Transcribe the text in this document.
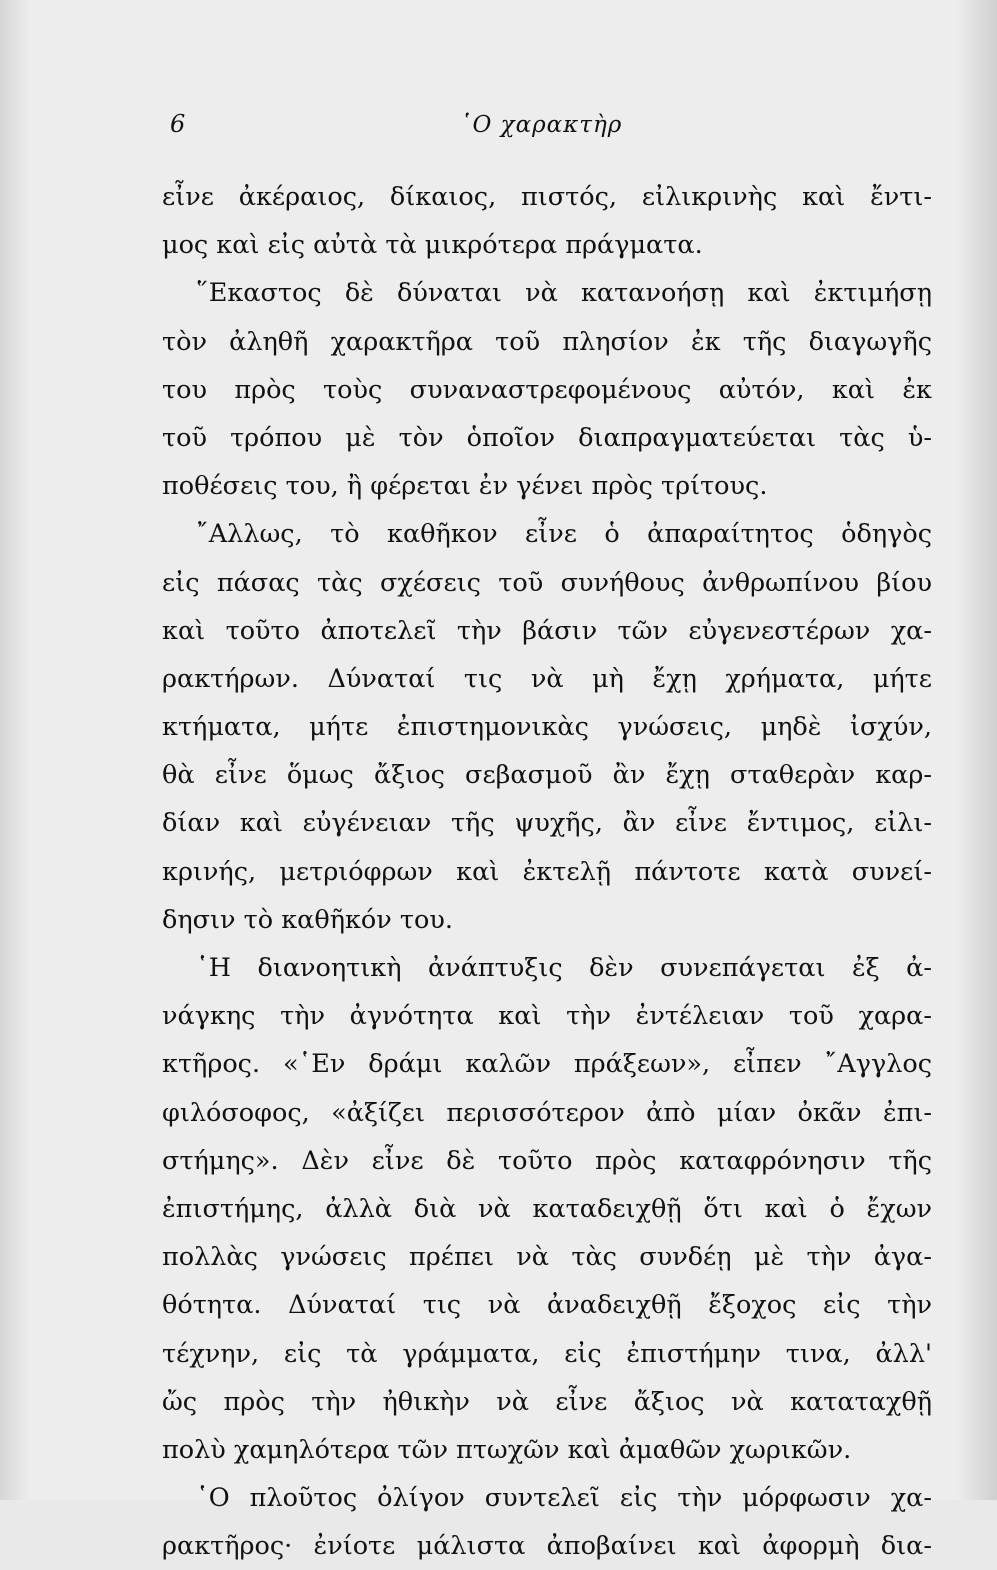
6	῾Ο χαρακτὴρ
εἶνε ἀκέραιος, δίκαιος, πιστός, εἰλικρινὴς καὶ ἔντι-
μος καὶ εἰς αὐτὰ τὰ μικρότερα πράγματα.
῞Εκαστος δὲ δύναται νὰ κατανοήσῃ καὶ ἐκτιμήσῃ
τὸν ἀληθῆ χαρακτῆρα τοῦ πλησίον ἐκ τῆς διαγωγῆς
του πρὸς τοὺς συναναστρεφομένους αὐτόν, καὶ ἐκ
τοῦ τρόπου μὲ τὸν ὁποῖον διαπραγματεύεται τὰς ὑ-
ποθέσεις του, ἢ φέρεται ἐν γένει πρὸς τρίτους.
῎Αλλως, τὸ καθῆκον εἶνε ὁ ἀπαραίτητος ὁδηγὸς
εἰς πάσας τὰς σχέσεις τοῦ συνήθους ἀνθρωπίνου βίου
καὶ τοῦτο ἀποτελεῖ τὴν βάσιν τῶν εὐγενεστέρων χα-
ρακτήρων. Δύναταί τις νὰ μὴ ἔχῃ χρήματα, μήτε
κτήματα, μήτε ἐπιστημονικὰς γνώσεις, μηδὲ ἰσχύν,
θὰ εἶνε ὅμως ἄξιος σεβασμοῦ ἂν ἔχῃ σταθερὰν καρ-
δίαν καὶ εὐγένειαν τῆς ψυχῆς, ἂν εἶνε ἔντιμος, εἰλι-
κρινής, μετριόφρων καὶ ἐκτελῇ πάντοτε κατὰ συνεί-
δησιν τὸ καθῆκόν του.
῾Η διανοητικὴ ἀνάπτυξις δὲν συνεπάγεται ἐξ ἀ-
νάγκης τὴν ἀγνότητα καὶ τὴν ἐντέλειαν τοῦ χαρα-
κτῆρος. «῾Εν δράμι καλῶν πράξεων», εἶπεν ῎Αγγλος
φιλόσοφος, «ἀξίζει περισσότερον ἀπὸ μίαν ὀκᾶν ἐπι-
στήμης». Δὲν εἶνε δὲ τοῦτο πρὸς καταφρόνησιν τῆς
ἐπιστήμης, ἀλλὰ διὰ νὰ καταδειχθῇ ὅτι καὶ ὁ ἔχων
πολλὰς γνώσεις πρέπει νὰ τὰς συνδέῃ μὲ τὴν ἀγα-
θότητα. Δύναταί τις νὰ ἀναδειχθῇ ἔξοχος εἰς τὴν
τέχνην, εἰς τὰ γράμματα, εἰς ἐπιστήμην τινα, ἀλλ'
ὤς πρὸς τὴν ἠθικὴν νὰ εἶνε ἄξιος νὰ καταταχθῇ
πολὺ χαμηλότερα τῶν πτωχῶν καὶ ἀμαθῶν χωρικῶν.
῾Ο πλοῦτος ὀλίγον συντελεῖ εἰς τὴν μόρφωσιν χα-
ρακτῆρος· ἐνίοτε μάλιστα ἀποβαίνει καὶ ἀφορμὴ δια-
